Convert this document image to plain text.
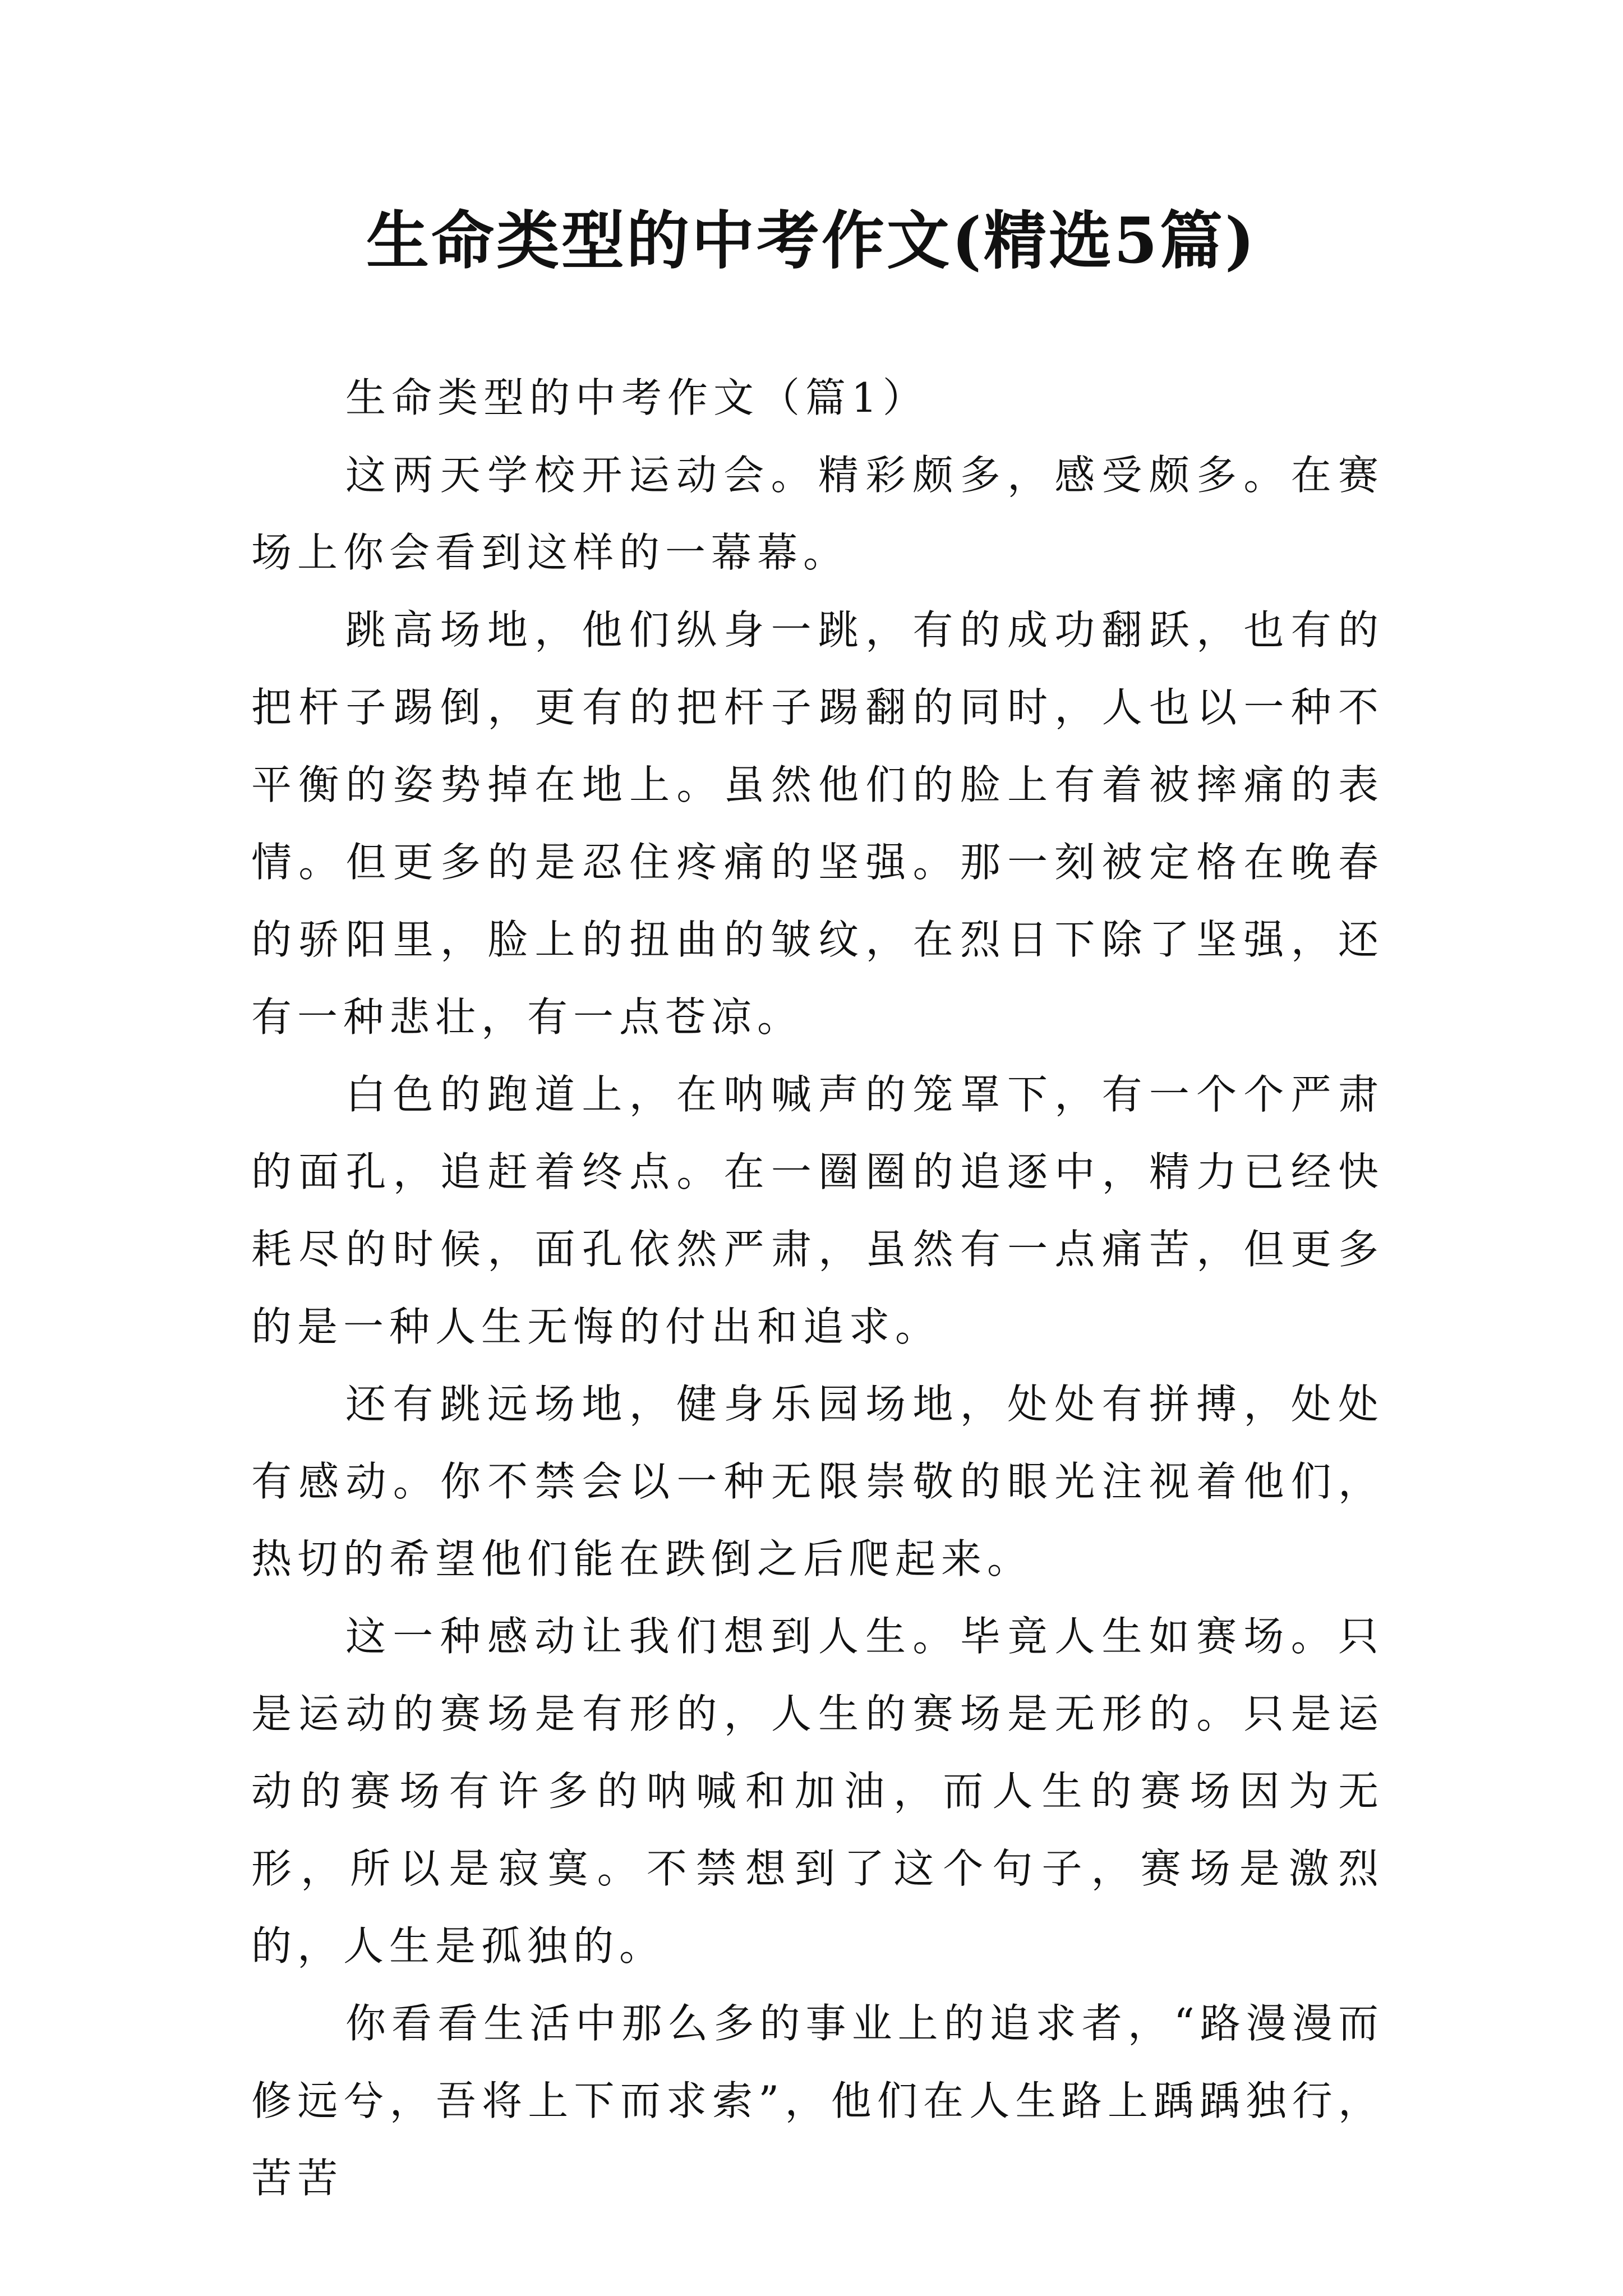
生命类型的中考作文(精选5篇)

生命类型的中考作文（篇1）

这两天学校开运动会。精彩颇多，感受颇多。在赛场上你会看到这样的一幕幕。

跳高场地，他们纵身一跳，有的成功翻跃，也有的把杆子踢倒，更有的把杆子踢翻的同时，人也以一种不平衡的姿势掉在地上。虽然他们的脸上有着被摔痛的表情。但更多的是忍住疼痛的坚强。那一刻被定格在晚春的骄阳里，脸上的扭曲的皱纹，在烈日下除了坚强，还有一种悲壮，有一点苍凉。

白色的跑道上，在呐喊声的笼罩下，有一个个严肃的面孔，追赶着终点。在一圈圈的追逐中，精力已经快耗尽的时候，面孔依然严肃，虽然有一点痛苦，但更多的是一种人生无悔的付出和追求。

还有跳远场地，健身乐园场地，处处有拼搏，处处有感动。你不禁会以一种无限崇敬的眼光注视着他们，热切的希望他们能在跌倒之后爬起来。

这一种感动让我们想到人生。毕竟人生如赛场。只是运动的赛场是有形的，人生的赛场是无形的。只是运动的赛场有许多的呐喊和加油，而人生的赛场因为无形，所以是寂寞。不禁想到了这个句子，赛场是激烈的，人生是孤独的。

你看看生活中那么多的事业上的追求者，“路漫漫而修远兮，吾将上下而求索”，他们在人生路上踽踽独行，苦苦
